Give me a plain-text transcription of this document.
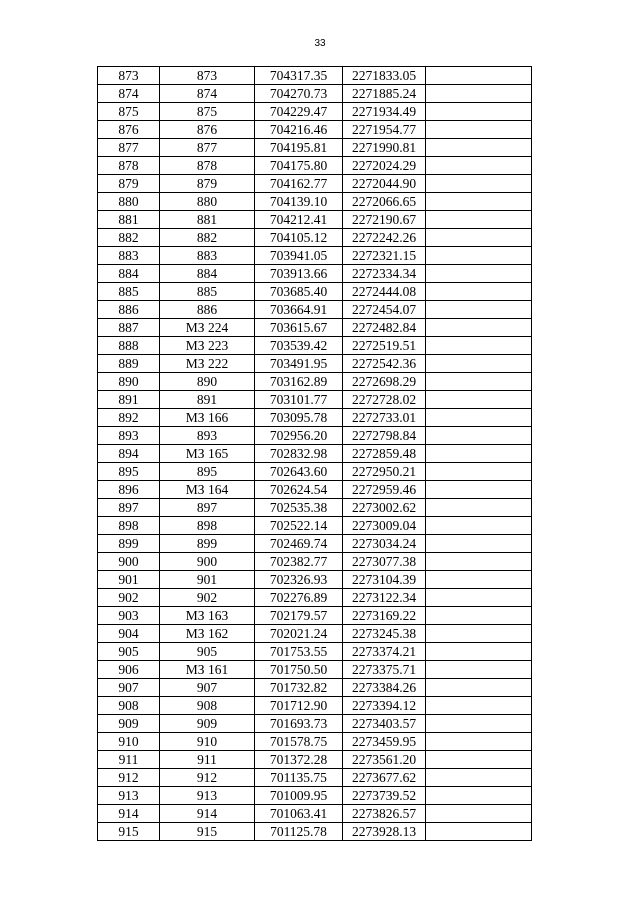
33
873	873	704317.35	2271833.05	
874	874	704270.73	2271885.24	
875	875	704229.47	2271934.49	
876	876	704216.46	2271954.77	
877	877	704195.81	2271990.81	
878	878	704175.80	2272024.29	
879	879	704162.77	2272044.90	
880	880	704139.10	2272066.65	
881	881	704212.41	2272190.67	
882	882	704105.12	2272242.26	
883	883	703941.05	2272321.15	
884	884	703913.66	2272334.34	
885	885	703685.40	2272444.08	
886	886	703664.91	2272454.07	
887	МЗ 224	703615.67	2272482.84	
888	МЗ 223	703539.42	2272519.51	
889	МЗ 222	703491.95	2272542.36	
890	890	703162.89	2272698.29	
891	891	703101.77	2272728.02	
892	МЗ 166	703095.78	2272733.01	
893	893	702956.20	2272798.84	
894	МЗ 165	702832.98	2272859.48	
895	895	702643.60	2272950.21	
896	МЗ 164	702624.54	2272959.46	
897	897	702535.38	2273002.62	
898	898	702522.14	2273009.04	
899	899	702469.74	2273034.24	
900	900	702382.77	2273077.38	
901	901	702326.93	2273104.39	
902	902	702276.89	2273122.34	
903	МЗ 163	702179.57	2273169.22	
904	МЗ 162	702021.24	2273245.38	
905	905	701753.55	2273374.21	
906	МЗ 161	701750.50	2273375.71	
907	907	701732.82	2273384.26	
908	908	701712.90	2273394.12	
909	909	701693.73	2273403.57	
910	910	701578.75	2273459.95	
911	911	701372.28	2273561.20	
912	912	701135.75	2273677.62	
913	913	701009.95	2273739.52	
914	914	701063.41	2273826.57	
915	915	701125.78	2273928.13	
